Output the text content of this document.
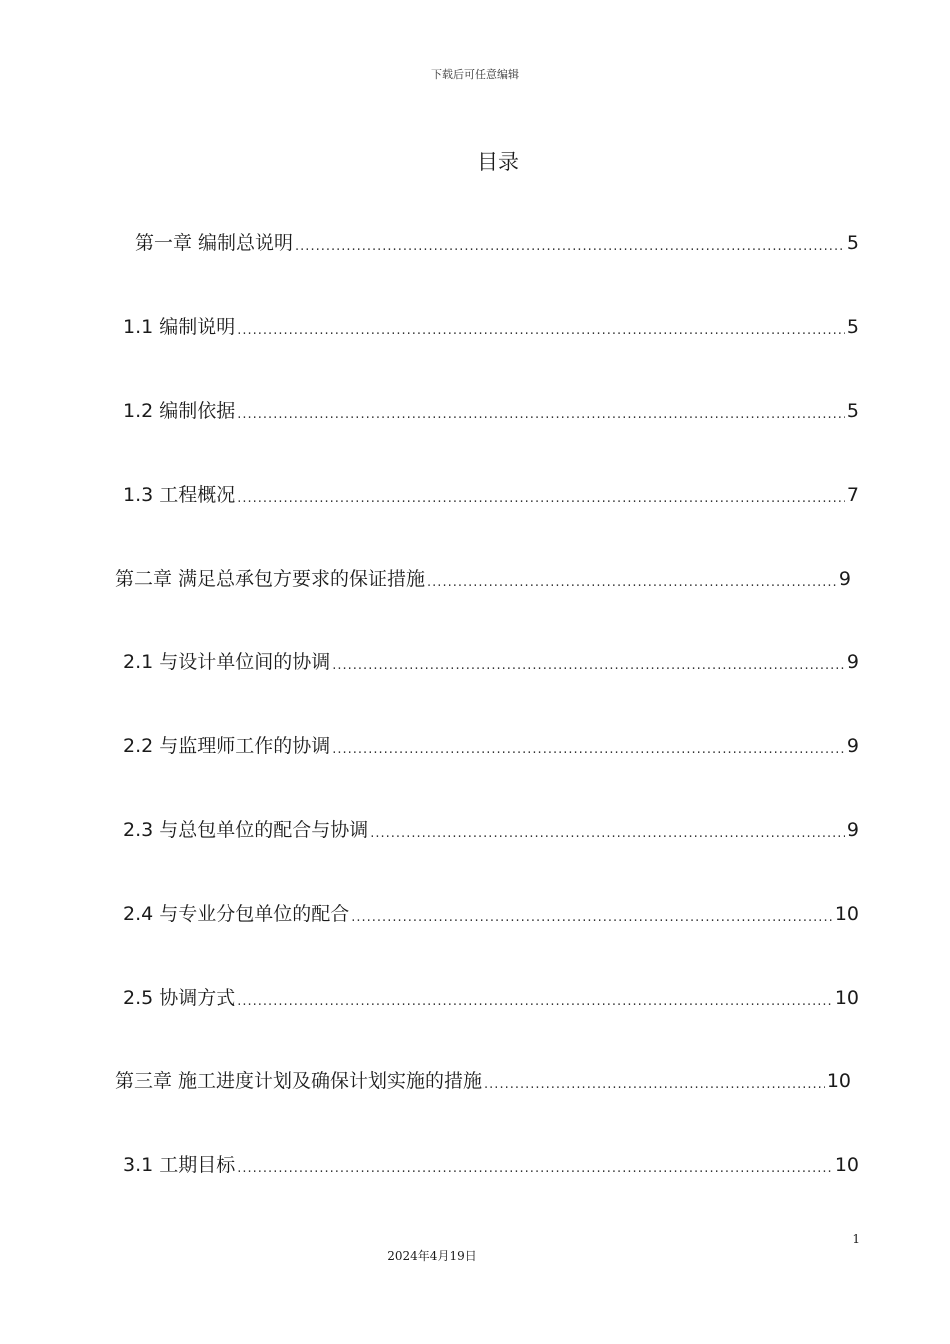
下载后可任意编辑
目录
第一章 编制总说明 .....	5
1.1 编制说明 .....	5
1.2 编制依据 .....	5
1.3 工程概况 .....	7
第二章 满足总承包方要求的保证措施 .....	9
2.1 与设计单位间的协调 .....	9
2.2 与监理师工作的协调 .....	9
2.3 与总包单位的配合与协调 .....	9
2.4 与专业分包单位的配合 .....	10
2.5 协调方式 .....	10
第三章 施工进度计划及确保计划实施的措施 .....	10
3.1 工期目标 .....	10
1
2024年4月19日
